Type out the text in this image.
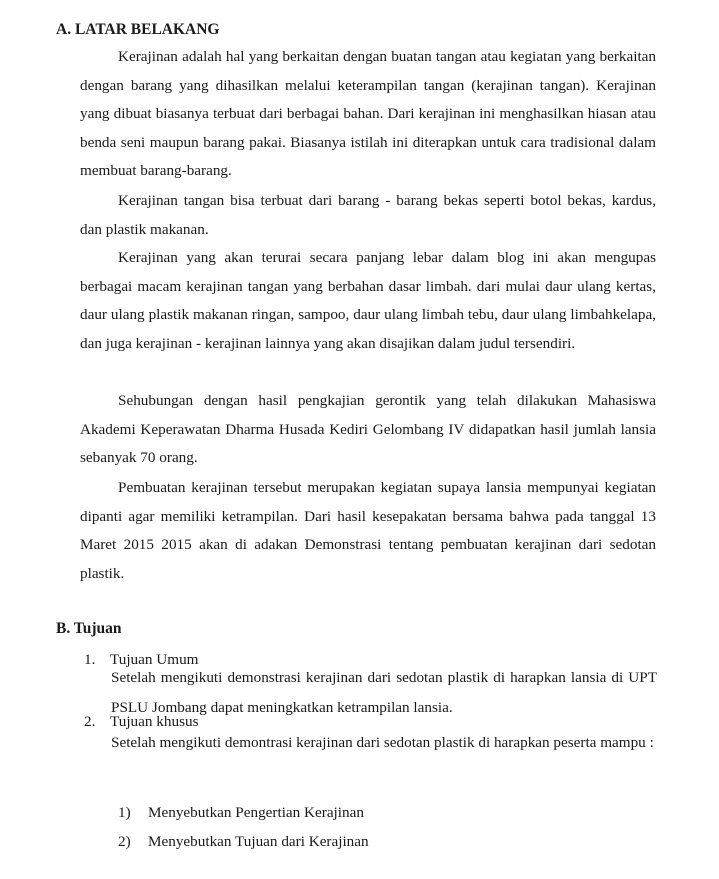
A. LATAR BELAKANG

Kerajinan adalah hal yang berkaitan dengan buatan tangan atau kegiatan yang berkaitan dengan barang yang dihasilkan melalui keterampilan tangan (kerajinan tangan). Kerajinan yang dibuat biasanya terbuat dari berbagai bahan. Dari kerajinan ini menghasilkan hiasan atau benda seni maupun barang pakai. Biasanya istilah ini diterapkan untuk cara tradisional dalam membuat barang-barang.

Kerajinan tangan bisa terbuat dari barang - barang bekas seperti botol bekas, kardus, dan plastik makanan.

Kerajinan yang akan terurai secara panjang lebar dalam blog ini akan mengupas berbagai macam kerajinan tangan yang berbahan dasar limbah. dari mulai daur ulang kertas, daur ulang plastik makanan ringan, sampoo, daur ulang limbah tebu, daur ulang limbahkelapa, dan juga kerajinan - kerajinan lainnya yang akan disajikan dalam judul tersendiri.

Sehubungan dengan hasil pengkajian gerontik yang telah dilakukan Mahasiswa Akademi Keperawatan Dharma Husada Kediri Gelombang IV didapatkan hasil jumlah lansia sebanyak 70 orang.

Pembuatan kerajinan tersebut merupakan kegiatan supaya lansia mempunyai kegiatan dipanti agar memiliki ketrampilan. Dari hasil kesepakatan bersama bahwa pada tanggal 13 Maret 2015 2015 akan di adakan Demonstrasi tentang pembuatan kerajinan dari sedotan plastik.

B. Tujuan
1. Tujuan Umum

Setelah mengikuti demonstrasi kerajinan dari sedotan plastik di harapkan lansia di UPT PSLU Jombang dapat meningkatkan ketrampilan lansia.

2. Tujuan khusus

Setelah mengikuti demontrasi kerajinan dari sedotan plastik di harapkan peserta mampu :

1) Menyebutkan Pengertian Kerajinan
2) Menyebutkan Tujuan dari Kerajinan
